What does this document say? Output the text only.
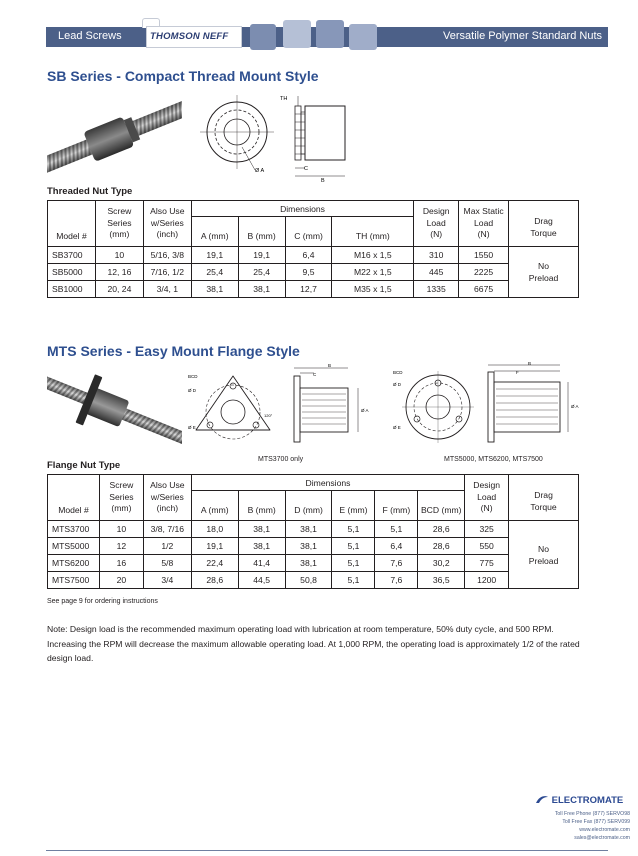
Lead Screws	THOMSON NEFF	Versatile Polymer Standard Nuts
SB Series - Compact Thread Mount Style
TH
Ø A	C
B
Threaded Nut Type
Model #	Screw
Series
(mm)	Also Use
w/Series
(inch)	Dimensions				Design
Load
(N)	Max Static
Load
(N)	Drag
Torque
			A (mm)	B (mm)	C (mm)	TH (mm)			
SB3700	10	5/16, 3/8	19,1	19,1	6,4	M16 x 1,5	310	1550	No
Preload
SB5000	12, 16	7/16, 1/2	25,4	25,4	9,5	M22 x 1,5	445	2225	
SB1000	20, 24	3/4, 1	38,1	38,1	12,7	M35 x 1,5	1335	6675	
MTS Series - Easy Mount Flange Style
BCD
Ø D
Ø E
120°
B
C
Ø A
BCD
Ø D
Ø E
B
F
Ø A
MTS3700 only	MTS5000, MTS6200, MTS7500
Flange Nut Type
Model #	Screw
Series
(mm)	Also Use
w/Series
(inch)	Dimensions						Design
Load
(N)	Drag
Torque
			A (mm)	B (mm)	D (mm)	E (mm)	F (mm)	BCD (mm)		
MTS3700	10	3/8, 7/16	18,0	38,1	38,1	5,1	5,1	28,6	325	No
Preload
MTS5000	12	1/2	19,1	38,1	38,1	5,1	6,4	28,6	550	
MTS6200	16	5/8	22,4	41,4	38,1	5,1	7,6	30,2	775	
MTS7500	20	3/4	28,6	44,5	50,8	5,1	7,6	36,5	1200	
See page 9 for ordering instructions

Note: Design load is the recommended maximum operating load with lubrication at room temperature, 50% duty cycle, and 500 RPM. Increasing the RPM will decrease the maximum allowable operating load. At 1,000 RPM, the operating load is approximately 1/2 of the rated design load.

ELECTROMATE
Toll Free Phone (877) SERVO98
Toll Free Fax (877) SERV099
www.electromate.com
sales@electromate.com
